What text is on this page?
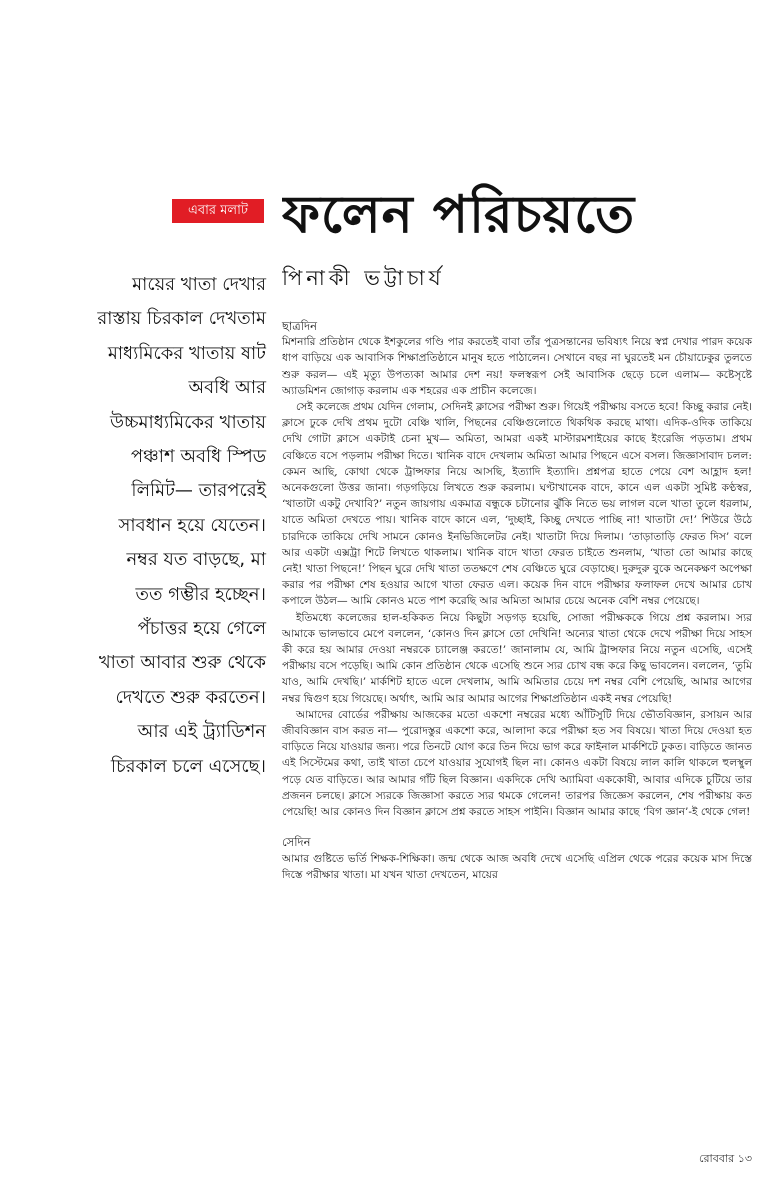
এবার মলাট ফলেন পরিচয়তে
পিনাকী ভট্টাচার্য
মায়ের খাতা দেখার
রাস্তায় চিরকাল দেখতাম
মাধ্যমিকের খাতায় ষাট
অবধি আর
উচ্চমাধ্যমিকের খাতায়
পঞ্চাশ অবধি স্পিড
লিমিট— তারপরেই
সাবধান হয়ে যেতেন।
নম্বর যত বাড়ছে, মা
তত গম্ভীর হচ্ছেন।
পঁচাত্তর হয়ে গেলে
খাতা আবার শুরু থেকে
দেখতে শুরু করতেন।
আর এই ট্র্যাডিশন
চিরকাল চলে এসেছে।
ছাত্রদিন

মিশনারি প্রতিষ্ঠান থেকে ইশকুলের গণ্ডি পার করতেই বাবা তাঁর পুত্রসন্তানের ভবিষ্যৎ নিয়ে স্বপ্ন দেখার পারদ কয়েক ধাপ বাড়িয়ে এক আবাসিক শিক্ষাপ্রতিষ্ঠানে মানুষ হতে পাঠালেন। সেখানে বছর না ঘুরতেই মন চৌয়াঢেকুর তুলতে শুরু করল— এই মৃত্যু উপত্যকা আমার দেশ নয়! ফলস্বরূপ সেই আবাসিক ছেড়ে চলে এলাম— কষ্টেসৃষ্টে অ্যাডমিশন জোগাড় করলাম এক শহরের এক প্রাচীন কলেজে।

সেই কলেজে প্রথম যেদিন গেলাম, সেদিনই ক্লাসের পরীক্ষা শুরু। গিয়েই পরীক্ষায় বসতে হবে! কিচ্ছু করার নেই। ক্লাসে ঢুকে দেখি প্রথম দুটো বেঞ্চি খালি, পিছনের বেঞ্চিগুলোতে থিকথিক করছে মাথা। এদিক-ওদিক তাকিয়ে দেখি গোটা ক্লাসে একটাই চেনা মুখ— অমিতা, আমরা একই মাস্টারমশাইয়ের কাছে ইংরেজি পড়তাম। প্রথম বেঞ্চিতে বসে পড়লাম পরীক্ষা দিতে। খানিক বাদে দেখলাম অমিতা আমার পিছনে এসে বসল। জিজ্ঞাসাবাদ চলল: কেমন আছি, কোথা থেকে ট্রান্সফার নিয়ে আসছি, ইত্যাদি ইত্যাদি। প্রশ্নপত্র হাতে পেয়ে বেশ আহ্লাদ হল! অনেকগুলো উত্তর জানা। গড়গড়িয়ে লিখতে শুরু করলাম। ঘণ্টাখানেক বাদে, কানে এল একটা সুমিষ্ট কণ্ঠস্বর, ‘খাতাটা একটু দেখাবি?’ নতুন জায়গায় একমাত্র বন্ধুকে চটানোর ঝুঁকি নিতে ভয় লাগল বলে খাতা তুলে ধরলাম, যাতে অমিতা দেখতে পায়। খানিক বাদে কানে এল, ‘দুচ্ছাই, কিচ্ছু দেখতে পাচ্ছি না! খাতাটা দে!’ শিউরে উঠে চারদিকে তাকিয়ে দেখি সামনে কোনও ইনভিজিলেটর নেই। খাতাটা দিয়ে দিলাম। ‘তাড়াতাড়ি ফেরত দিস’ বলে আর একটা এক্সট্রা শিটে লিখতে থাকলাম। খানিক বাদে খাতা ফেরত চাইতে শুনলাম, ‘খাতা তো আমার কাছে নেই! খাতা পিছনে!’ পিছন ঘুরে দেখি খাতা ততক্ষণে শেষ বেঞ্চিতে ঘুরে বেড়াচ্ছে। দুরুদুরু বুকে অনেকক্ষণ অপেক্ষা করার পর পরীক্ষা শেষ হওয়ার আগে খাতা ফেরত এল। কয়েক দিন বাদে পরীক্ষার ফলাফল দেখে আমার চোখ কপালে উঠল— আমি কোনও মতে পাশ করেছি আর অমিতা আমার চেয়ে অনেক বেশি নম্বর পেয়েছে।

ইতিমধ্যে কলেজের হাল-হকিকত নিয়ে কিছুটা সড়গড় হয়েছি, সোজা পরীক্ষককে গিয়ে প্রশ্ন করলাম। স্যর আমাকে ভালভাবে মেপে বললেন, ‘কোনও দিন ক্লাসে তো দেখিনি! অন্যের খাতা থেকে দেখে পরীক্ষা দিয়ে সাহস কী করে হয় আমার দেওয়া নম্বরকে চ্যালেঞ্জ করতে!’ জানালাম যে, আমি ট্রান্সফার নিয়ে নতুন এসেছি, এসেই পরীক্ষায় বসে পড়েছি। আমি কোন প্রতিষ্ঠান থেকে এসেছি শুনে স্যর চোখ বন্ধ করে কিছু ভাবলেন। বললেন, ‘তুমি যাও, আমি দেখছি।’ মার্কশিট হাতে এলে দেখলাম, আমি অমিতার চেয়ে দশ নম্বর বেশি পেয়েছি, আমার আগের নম্বর দ্বিগুণ হয়ে গিয়েছে। অর্থাৎ, আমি আর আমার আগের শিক্ষাপ্রতিষ্ঠান একই নম্বর পেয়েছি!

আমাদের বোর্ডের পরীক্ষায় আজকের মতো একশো নম্বরের মধ্যে আঁটিসুটি দিয়ে ভৌতবিজ্ঞান, রসায়ন আর জীববিজ্ঞান বাস করত না— পুরোদস্তুর একশো করে, আলাদা করে পরীক্ষা হত সব বিষয়ে। খাতা দিয়ে দেওয়া হত বাড়িতে নিয়ে যাওয়ার জন্য। পরে তিনটে যোগ করে তিন দিয়ে ভাগ করে ফাইনাল মার্কশিটে ঢুকত। বাড়িতে জানত এই সিস্টেমের কথা, তাই খাতা চেপে যাওয়ার সুযোগই ছিল না। কোনও একটা বিষয়ে লাল কালি থাকলে হুলস্থুল পড়ে যেত বাড়িতে। আর আমার গাঁট ছিল বিজ্ঞান। একদিকে দেখি অ্যামিবা এককোষী, আবার এদিকে চুটিয়ে তার প্রজনন চলছে। ক্লাসে স্যরকে জিজ্ঞাসা করতে স্যর থমকে গেলেন! তারপর জিজ্ঞেস করলেন, শেষ পরীক্ষায় কত পেয়েছি! আর কোনও দিন বিজ্ঞান ক্লাসে প্রশ্ন করতে সাহস পাইনি। বিজ্ঞান আমার কাছে ‘বিগ জ্ঞান’-ই থেকে গেল!

সেদিন

আমার গুষ্টিতে ভর্তি শিক্ষক-শিক্ষিকা। জন্ম থেকে আজ অবধি দেখে এসেছি এপ্রিল থেকে পরের কয়েক মাস দিস্তে দিস্তে পরীক্ষার খাতা। মা যখন খাতা দেখতেন, মায়ের

রোববার ১৩
